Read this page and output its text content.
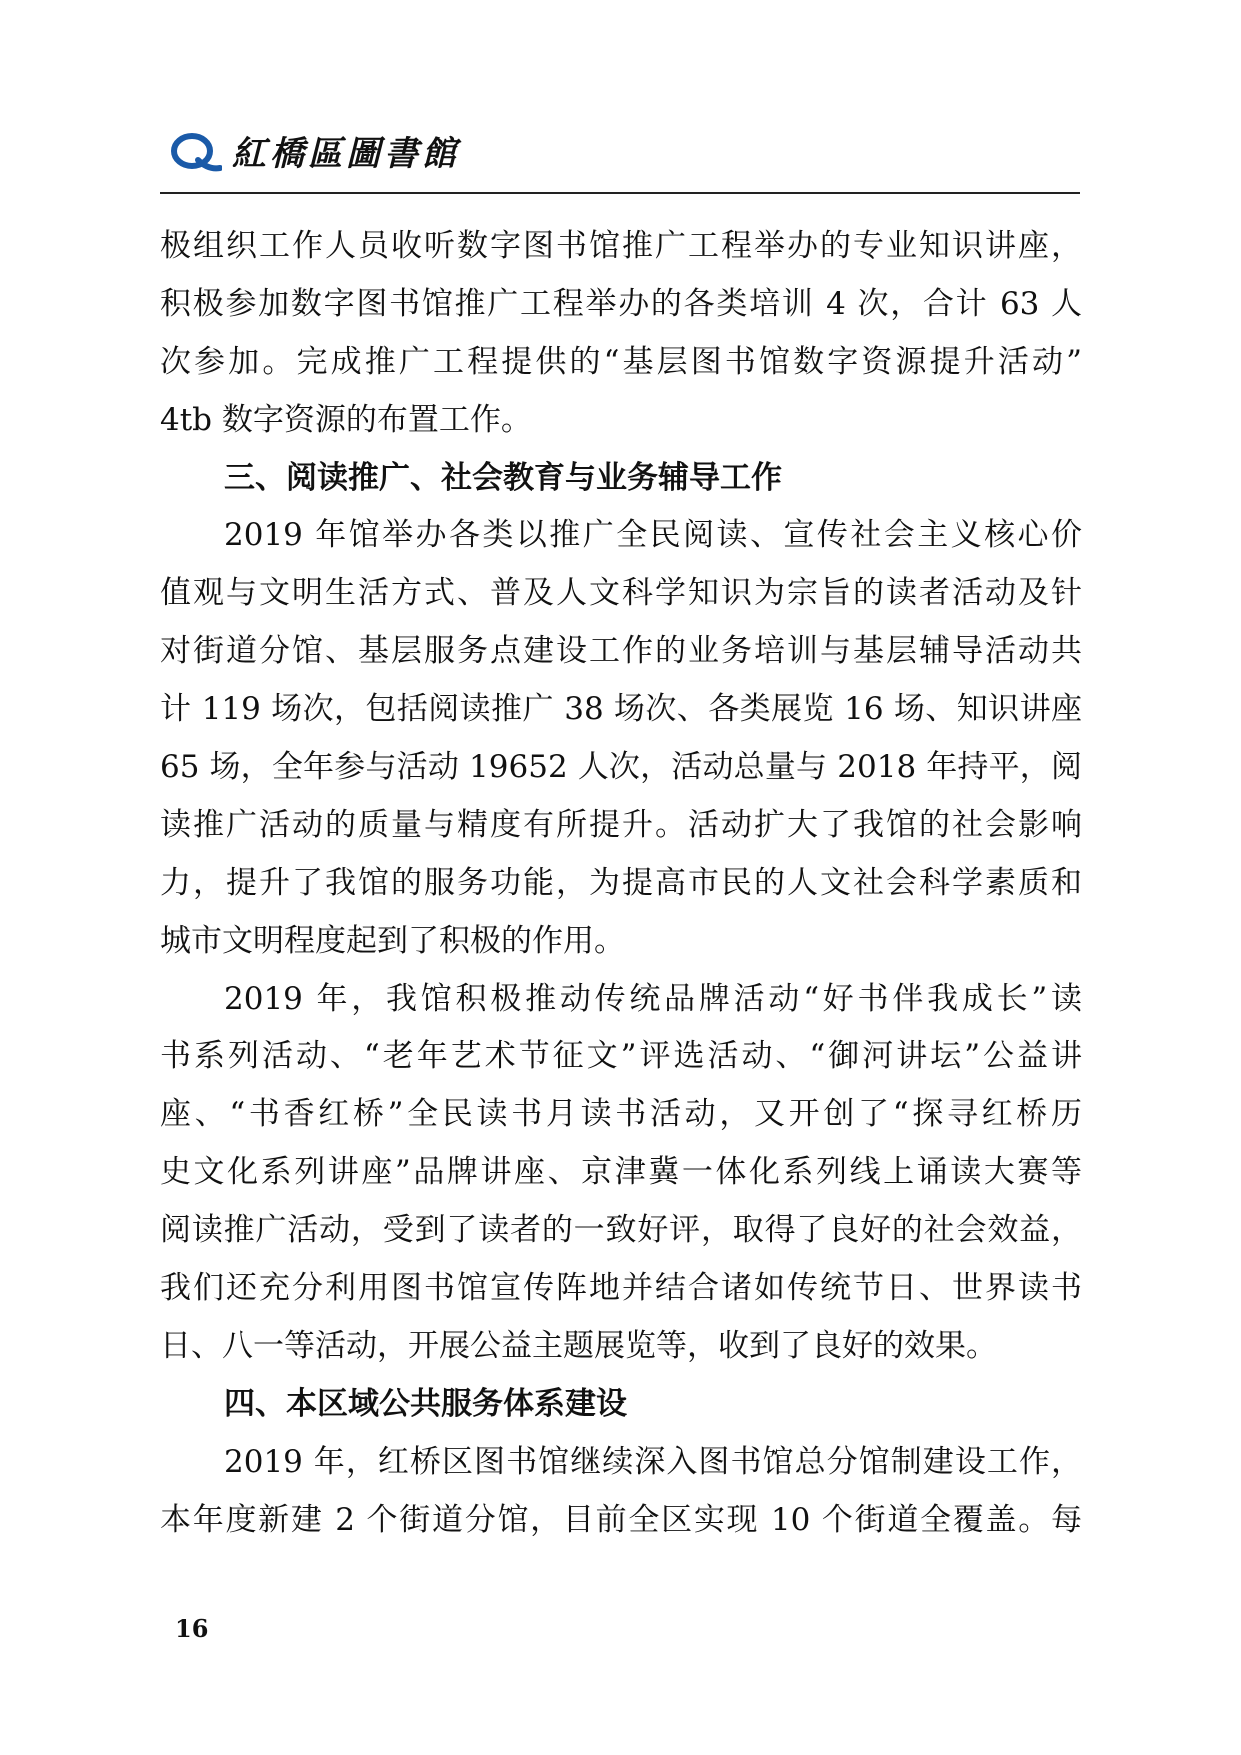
紅橋區圖書館
极组织工作人员收听数字图书馆推广工程举办的专业知识讲座，
积极参加数字图书馆推广工程举办的各类培训 4 次，合计 63 人
次参加。完成推广工程提供的“基层图书馆数字资源提升活动”
4tb 数字资源的布置工作。
三、阅读推广、社会教育与业务辅导工作
2019 年馆举办各类以推广全民阅读、宣传社会主义核心价
值观与文明生活方式、普及人文科学知识为宗旨的读者活动及针
对街道分馆、基层服务点建设工作的业务培训与基层辅导活动共
计 119 场次，包括阅读推广 38 场次、各类展览 16 场、知识讲座
65 场，全年参与活动 19652 人次，活动总量与 2018 年持平，阅
读推广活动的质量与精度有所提升。活动扩大了我馆的社会影响
力，提升了我馆的服务功能，为提高市民的人文社会科学素质和
城市文明程度起到了积极的作用。
2019 年，我馆积极推动传统品牌活动“好书伴我成长”读
书系列活动、“老年艺术节征文”评选活动、“御河讲坛”公益讲
座、“书香红桥”全民读书月读书活动，又开创了“探寻红桥历
史文化系列讲座”品牌讲座、京津冀一体化系列线上诵读大赛等
阅读推广活动，受到了读者的一致好评，取得了良好的社会效益，
我们还充分利用图书馆宣传阵地并结合诸如传统节日、世界读书
日、八一等活动，开展公益主题展览等，收到了良好的效果。
四、本区域公共服务体系建设
2019 年，红桥区图书馆继续深入图书馆总分馆制建设工作，
本年度新建 2 个街道分馆，目前全区实现 10 个街道全覆盖。每
16
